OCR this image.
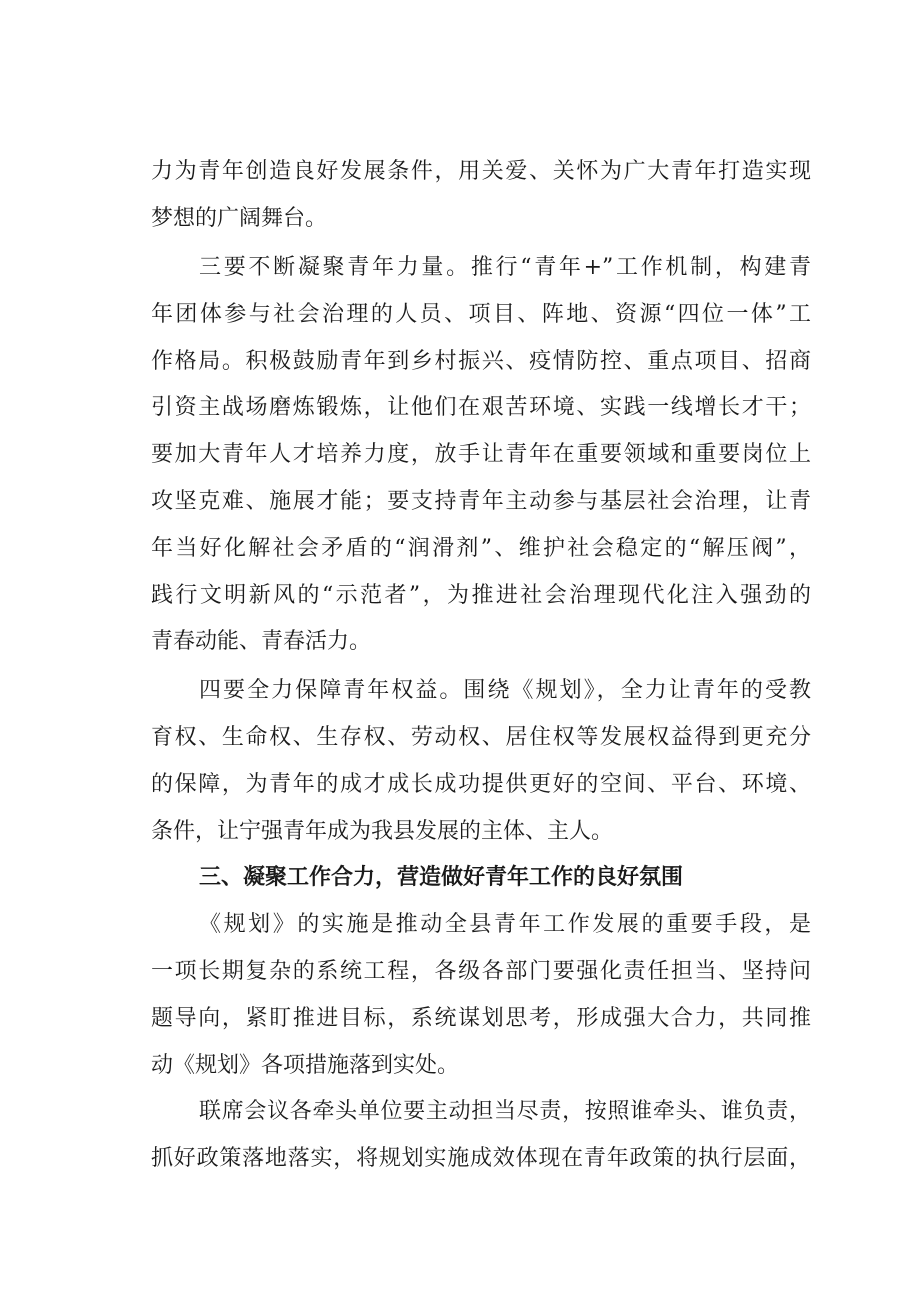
力为青年创造良好发展条件，用关爱、关怀为广大青年打造实现
梦想的广阔舞台。
三要不断凝聚青年力量。推行“青年+”工作机制，构建青
年团体参与社会治理的人员、项目、阵地、资源“四位一体”工
作格局。积极鼓励青年到乡村振兴、疫情防控、重点项目、招商
引资主战场磨炼锻炼，让他们在艰苦环境、实践一线增长才干；
要加大青年人才培养力度，放手让青年在重要领域和重要岗位上
攻坚克难、施展才能；要支持青年主动参与基层社会治理，让青
年当好化解社会矛盾的“润滑剂”、维护社会稳定的“解压阀”，
践行文明新风的“示范者”，为推进社会治理现代化注入强劲的
青春动能、青春活力。
四要全力保障青年权益。围绕《规划》，全力让青年的受教
育权、生命权、生存权、劳动权、居住权等发展权益得到更充分
的保障，为青年的成才成长成功提供更好的空间、平台、环境、
条件，让宁强青年成为我县发展的主体、主人。
三、凝聚工作合力，营造做好青年工作的良好氛围
《规划》的实施是推动全县青年工作发展的重要手段，是
一项长期复杂的系统工程，各级各部门要强化责任担当、坚持问
题导向，紧盯推进目标，系统谋划思考，形成强大合力，共同推
动《规划》各项措施落到实处。
联席会议各牵头单位要主动担当尽责，按照谁牵头、谁负责，
抓好政策落地落实，将规划实施成效体现在青年政策的执行层面，
